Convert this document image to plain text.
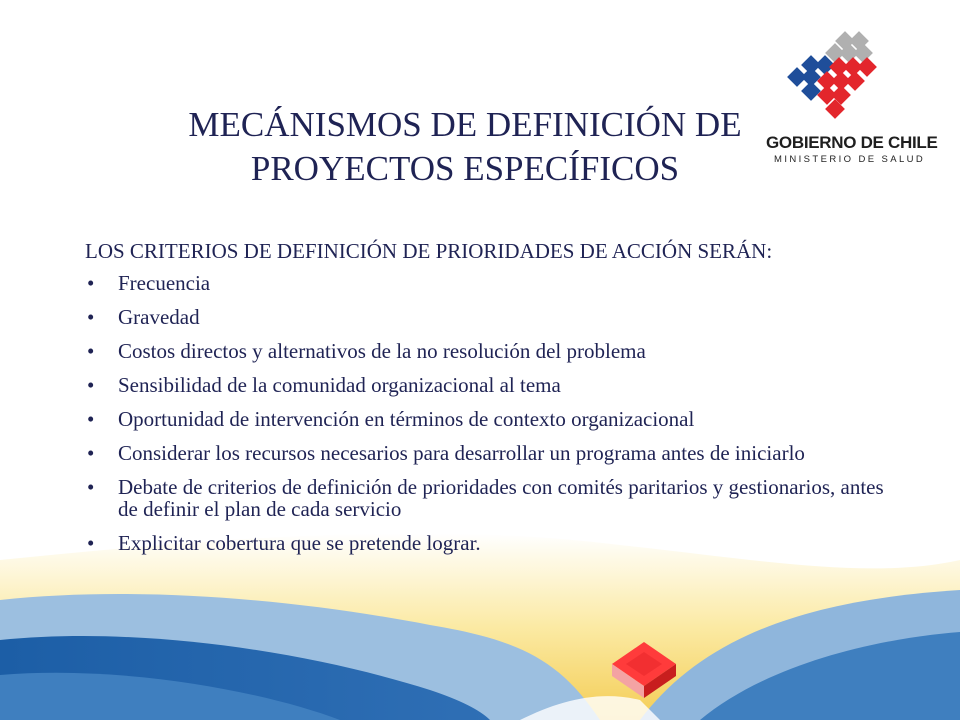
GOBIERNO DE CHILE
MINISTERIO DE SALUD
MECÁNISMOS DE DEFINICIÓN DE
PROYECTOS ESPECÍFICOS

LOS CRITERIOS DE DEFINICIÓN DE PRIORIDADES DE ACCIÓN SERÁN:

• Frecuencia
• Gravedad
• Costos directos y alternativos de la no resolución del problema
• Sensibilidad de la comunidad organizacional al tema
• Oportunidad de intervención en términos de contexto organizacional
• Considerar los recursos necesarios para desarrollar un programa antes de iniciarlo
• Debate de criterios de definición de prioridades con comités paritarios y gestionarios, antes de definir el plan de cada servicio
• Explicitar cobertura que se pretende lograr.
